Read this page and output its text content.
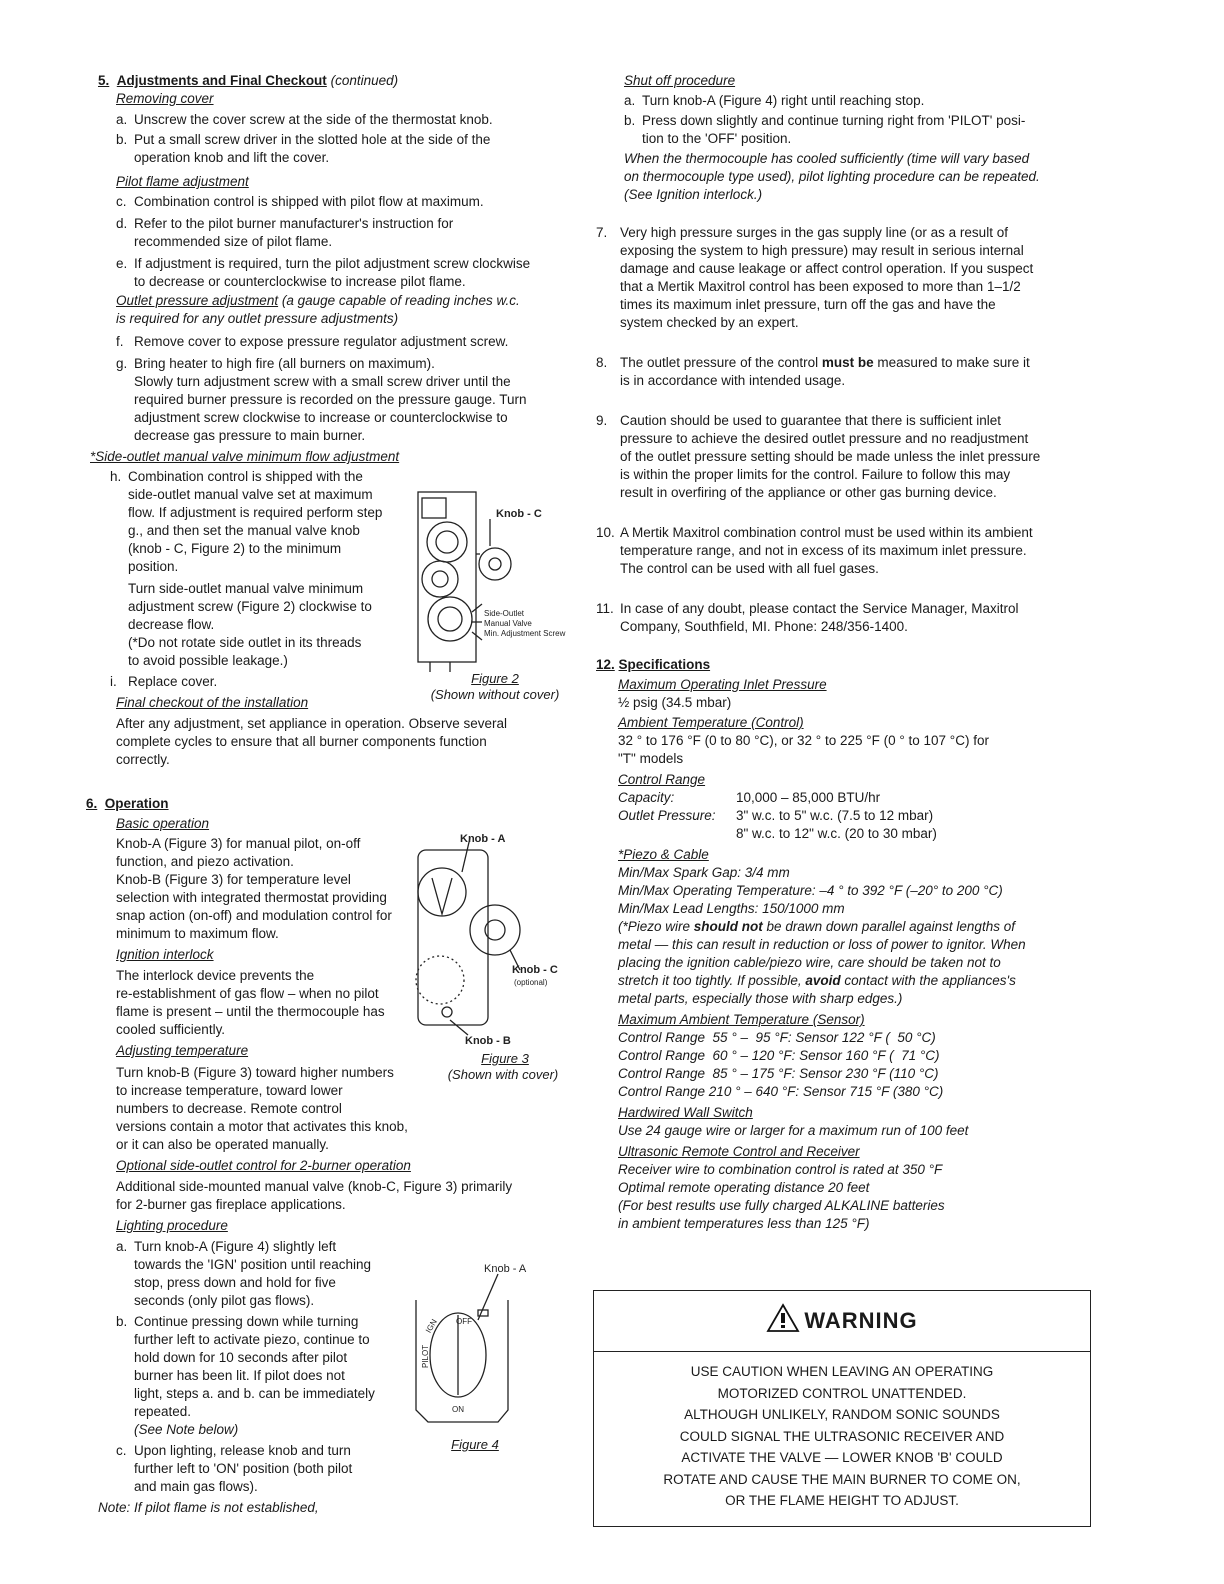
5. Adjustments and Final Checkout (continued)
Removing cover
a. Unscrew the cover screw at the side of the thermostat knob.
b. Put a small screw driver in the slotted hole at the side of the
operation knob and lift the cover.
Pilot flame adjustment
c. Combination control is shipped with pilot flow at maximum.
d. Refer to the pilot burner manufacturer's instruction for
recommended size of pilot flame.
e. If adjustment is required, turn the pilot adjustment screw clockwise
to decrease or counterclockwise to increase pilot flame.
Outlet pressure adjustment (a gauge capable of reading inches w.c.
is required for any outlet pressure adjustments)
f. Remove cover to expose pressure regulator adjustment screw.
g. Bring heater to high fire (all burners on maximum).
Slowly turn adjustment screw with a small screw driver until the
required burner pressure is recorded on the pressure gauge. Turn
adjustment screw clockwise to increase or counterclockwise to
decrease gas pressure to main burner.
*Side-outlet manual valve minimum flow adjustment
h. Combination control is shipped with the
side-outlet manual valve set at maximum
flow. If adjustment is required perform step
g., and then set the manual valve knob
(knob - C, Figure 2) to the minimum
position.
Turn side-outlet manual valve minimum
adjustment screw (Figure 2) clockwise to
decrease flow.
(*Do not rotate side outlet in its threads
to avoid possible leakage.)
i. Replace cover.
Final checkout of the installation
After any adjustment, set appliance in operation. Observe several
complete cycles to ensure that all burner components function
correctly.
6. Operation
Basic operation
Knob-A (Figure 3) for manual pilot, on-off
function, and piezo activation.
Knob-B (Figure 3) for temperature level
selection with integrated thermostat providing
snap action (on-off) and modulation control for
minimum to maximum flow.
Ignition interlock
The interlock device prevents the
re-establishment of gas flow – when no pilot
flame is present – until the thermocouple has
cooled sufficiently.
Adjusting temperature
Turn knob-B (Figure 3) toward higher numbers
to increase temperature, toward lower
numbers to decrease. Remote control
versions contain a motor that activates this knob,
or it can also be operated manually.
Optional side-outlet control for 2-burner operation
Additional side-mounted manual valve (knob-C, Figure 3) primarily
for 2-burner gas fireplace applications.
Lighting procedure
a. Turn knob-A (Figure 4) slightly left
towards the 'IGN' position until reaching
stop, press down and hold for five
seconds (only pilot gas flows).
b. Continue pressing down while turning
further left to activate piezo, continue to
hold down for 10 seconds after pilot
burner has been lit. If pilot does not
light, steps a. and b. can be immediately
repeated.
(See Note below)
c. Upon lighting, release knob and turn
further left to 'ON' position (both pilot
and main gas flows).
Note: If pilot flame is not established,
Knob - C
Side-Outlet
Manual Valve
Min. Adjustment Screw
Figure 2
(Shown without cover)
Knob - A
Knob - C
(optional)
Knob - B
Figure 3
(Shown with cover)
Knob - A
OFF
IGN
PILOT
ON
Figure 4
Shut off procedure
a. Turn knob-A (Figure 4) right until reaching stop.
b. Press down slightly and continue turning right from 'PILOT' posi-
tion to the 'OFF' position.
When the thermocouple has cooled sufficiently (time will vary based
on thermocouple type used), pilot lighting procedure can be repeated.
(See Ignition interlock.)
7. Very high pressure surges in the gas supply line (or as a result of
exposing the system to high pressure) may result in serious internal
damage and cause leakage or affect control operation. If you suspect
that a Mertik Maxitrol control has been exposed to more than 1–1/2
times its maximum inlet pressure, turn off the gas and have the
system checked by an expert.
8. The outlet pressure of the control must be measured to make sure it
is in accordance with intended usage.
9. Caution should be used to guarantee that there is sufficient inlet
pressure to achieve the desired outlet pressure and no readjustment
of the outlet pressure setting should be made unless the inlet pressure
is within the proper limits for the control. Failure to follow this may
result in overfiring of the appliance or other gas burning device.
10. A Mertik Maxitrol combination control must be used within its ambient
temperature range, and not in excess of its maximum inlet pressure.
The control can be used with all fuel gases.
11. In case of any doubt, please contact the Service Manager, Maxitrol
Company, Southfield, MI. Phone: 248/356-1400.
12. Specifications
Maximum Operating Inlet Pressure
½ psig (34.5 mbar)
Ambient Temperature (Control)
32 ° to 176 °F (0 to 80 °C), or 32 ° to 225 °F (0 ° to 107 °C) for
"T" models
Control Range
Capacity:	10,000 – 85,000 BTU/hr
Outlet Pressure: 3" w.c. to 5" w.c. (7.5 to 12 mbar)
8" w.c. to 12" w.c. (20 to 30 mbar)
*Piezo & Cable
Min/Max Spark Gap: 3/4 mm
Min/Max Operating Temperature: –4 ° to 392 °F (–20° to 200 °C)
Min/Max Lead Lengths: 150/1000 mm
(*Piezo wire should not be drawn down parallel against lengths of
metal — this can result in reduction or loss of power to ignitor. When
placing the ignition cable/piezo wire, care should be taken not to
stretch it too tightly. If possible, avoid contact with the appliances's
metal parts, especially those with sharp edges.)
Maximum Ambient Temperature (Sensor)
Control Range  55 ° –  95 °F: Sensor 122 °F (  50 °C)
Control Range  60 ° – 120 °F: Sensor 160 °F (  71 °C)
Control Range  85 ° – 175 °F: Sensor 230 °F (110 °C)
Control Range 210 ° – 640 °F: Sensor 715 °F (380 °C)
Hardwired Wall Switch
Use 24 gauge wire or larger for a maximum run of 100 feet
Ultrasonic Remote Control and Receiver
Receiver wire to combination control is rated at 350 °F
Optimal remote operating distance 20 feet
(For best results use fully charged ALKALINE batteries
in ambient temperatures less than 125 °F)
WARNING
USE CAUTION WHEN LEAVING AN OPERATING
MOTORIZED CONTROL UNATTENDED.
ALTHOUGH UNLIKELY, RANDOM SONIC SOUNDS
COULD SIGNAL THE ULTRASONIC RECEIVER AND
ACTIVATE THE VALVE — LOWER KNOB 'B' COULD
ROTATE AND CAUSE THE MAIN BURNER TO COME ON,
OR THE FLAME HEIGHT TO ADJUST.
